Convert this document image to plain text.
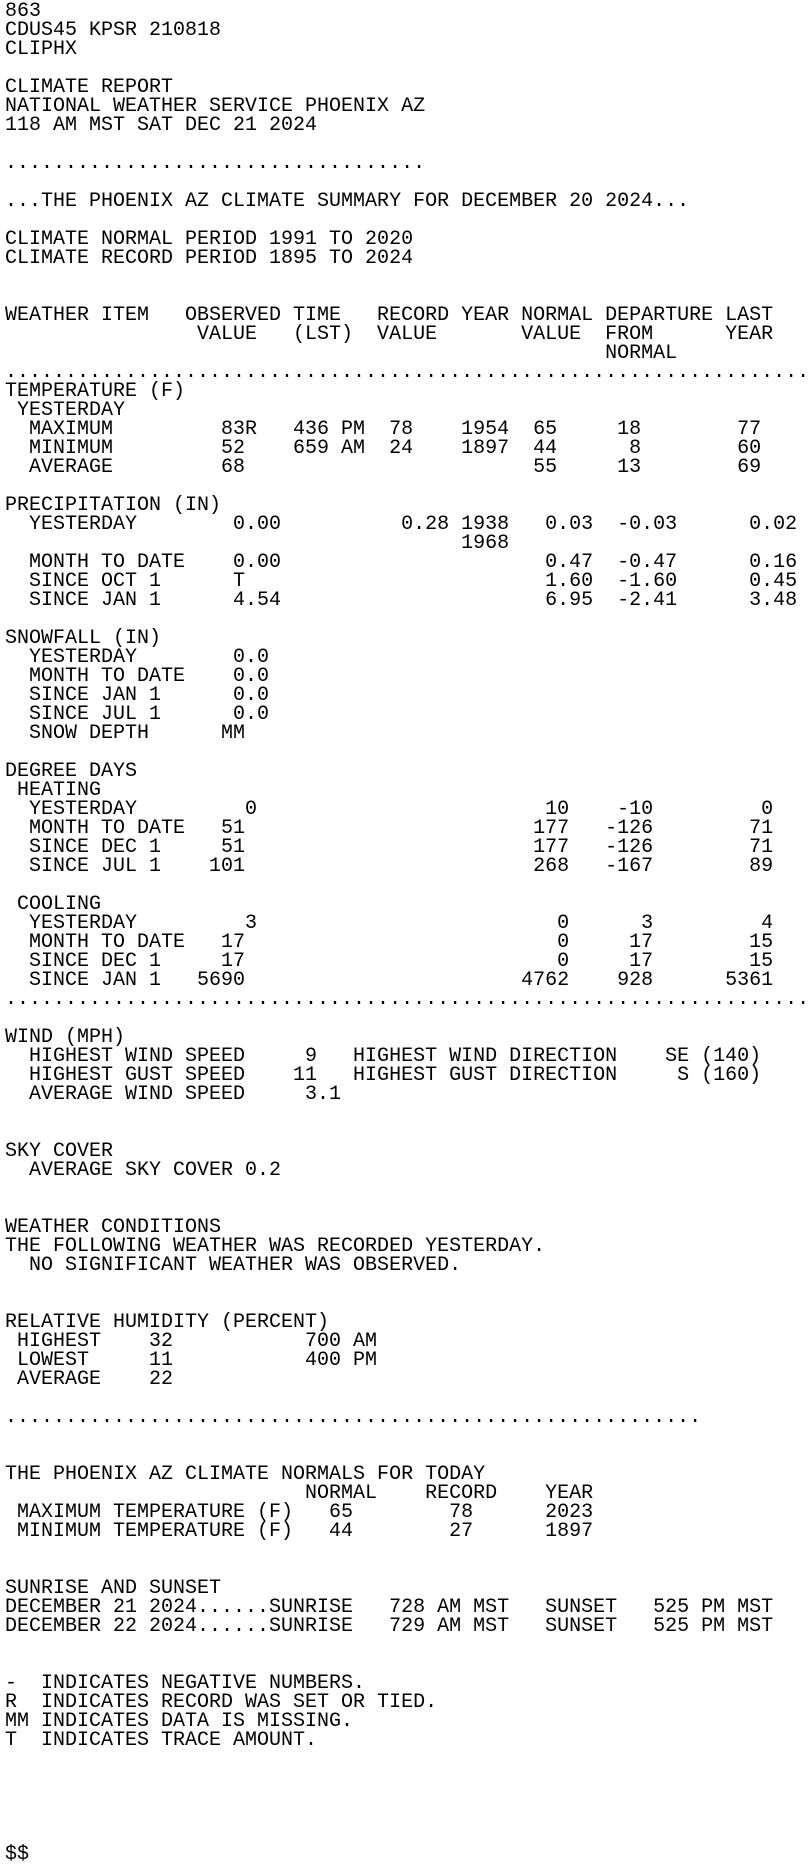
863
CDUS45 KPSR 210818
CLIPHX
CLIMATE REPORT
NATIONAL WEATHER SERVICE PHOENIX AZ
118 AM MST SAT DEC 21 2024
...................................
...THE PHOENIX AZ CLIMATE SUMMARY FOR DECEMBER 20 2024...
CLIMATE NORMAL PERIOD 1991 TO 2020
CLIMATE RECORD PERIOD 1895 TO 2024
WEATHER ITEM   OBSERVED TIME   RECORD YEAR NORMAL DEPARTURE LAST
VALUE   (LST)  VALUE       VALUE  FROM      YEAR
NORMAL
...................................................................
TEMPERATURE (F)
YESTERDAY
MAXIMUM         83R   436 PM  78    1954  65     18        77
MINIMUM         52    659 AM  24    1897  44      8        60
AVERAGE         68                        55     13        69
PRECIPITATION (IN)
YESTERDAY        0.00          0.28 1938   0.03  -0.03      0.02
1968
MONTH TO DATE    0.00                      0.47  -0.47      0.16
SINCE OCT 1      T                         1.60  -1.60      0.45
SINCE JAN 1      4.54                      6.95  -2.41      3.48
SNOWFALL (IN)
YESTERDAY        0.0
MONTH TO DATE    0.0
SINCE JAN 1      0.0
SINCE JUL 1      0.0
SNOW DEPTH      MM
DEGREE DAYS
HEATING
YESTERDAY         0                        10    -10         0
MONTH TO DATE   51                        177   -126        71
SINCE DEC 1     51                        177   -126        71
SINCE JUL 1    101                        268   -167        89
COOLING
YESTERDAY         3                         0      3         4
MONTH TO DATE   17                          0     17        15
SINCE DEC 1     17                          0     17        15
SINCE JAN 1   5690                       4762    928      5361
...................................................................
WIND (MPH)
HIGHEST WIND SPEED     9   HIGHEST WIND DIRECTION    SE (140)
HIGHEST GUST SPEED    11   HIGHEST GUST DIRECTION     S (160)
AVERAGE WIND SPEED     3.1
SKY COVER
AVERAGE SKY COVER 0.2
WEATHER CONDITIONS
THE FOLLOWING WEATHER WAS RECORDED YESTERDAY.
NO SIGNIFICANT WEATHER WAS OBSERVED.
RELATIVE HUMIDITY (PERCENT)
HIGHEST    32           700 AM
LOWEST     11           400 PM
AVERAGE    22
..........................................................
THE PHOENIX AZ CLIMATE NORMALS FOR TODAY
NORMAL    RECORD    YEAR
MAXIMUM TEMPERATURE (F)   65        78      2023
MINIMUM TEMPERATURE (F)   44        27      1897
SUNRISE AND SUNSET
DECEMBER 21 2024......SUNRISE   728 AM MST   SUNSET   525 PM MST
DECEMBER 22 2024......SUNRISE   729 AM MST   SUNSET   525 PM MST
-  INDICATES NEGATIVE NUMBERS.
R  INDICATES RECORD WAS SET OR TIED.
MM INDICATES DATA IS MISSING.
T  INDICATES TRACE AMOUNT.
$$
